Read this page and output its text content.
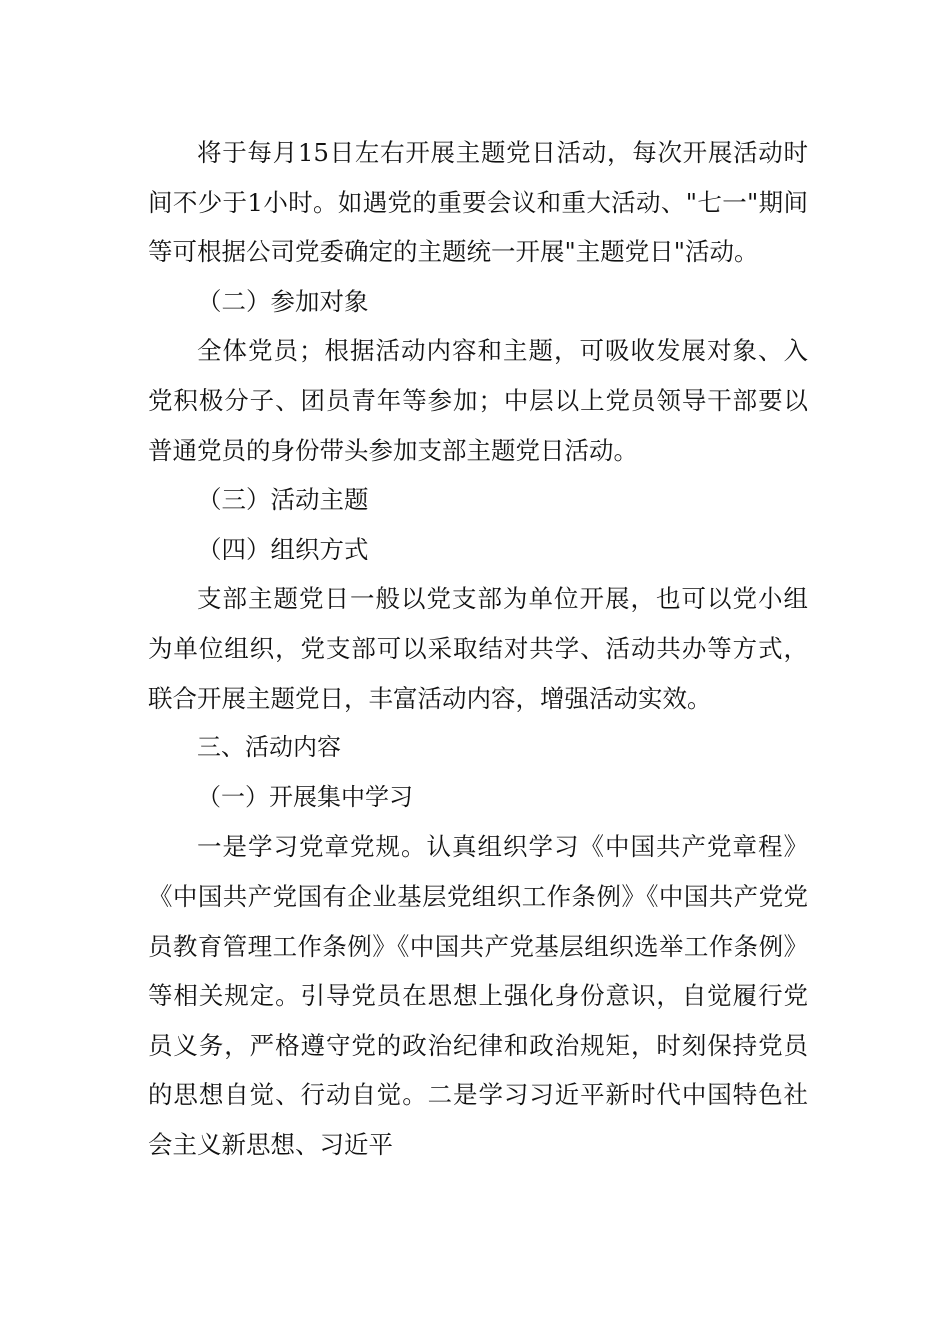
将于每月15日左右开展主题党日活动，每次开展活动时间不少于1小时。如遇党的重要会议和重大活动、"七一"期间等可根据公司党委确定的主题统一开展"主题党日"活动。

（二）参加对象

全体党员；根据活动内容和主题，可吸收发展对象、入党积极分子、团员青年等参加；中层以上党员领导干部要以普通党员的身份带头参加支部主题党日活动。

（三）活动主题

（四）组织方式

支部主题党日一般以党支部为单位开展，也可以党小组为单位组织，党支部可以采取结对共学、活动共办等方式，联合开展主题党日，丰富活动内容，增强活动实效。

三、活动内容

（一）开展集中学习

一是学习党章党规。认真组织学习《中国共产党章程》《中国共产党国有企业基层党组织工作条例》《中国共产党党员教育管理工作条例》《中国共产党基层组织选举工作条例》等相关规定。引导党员在思想上强化身份意识，自觉履行党员义务，严格遵守党的政治纪律和政治规矩，时刻保持党员的思想自觉、行动自觉。二是学习习近平新时代中国特色社会主义新思想、习近平
